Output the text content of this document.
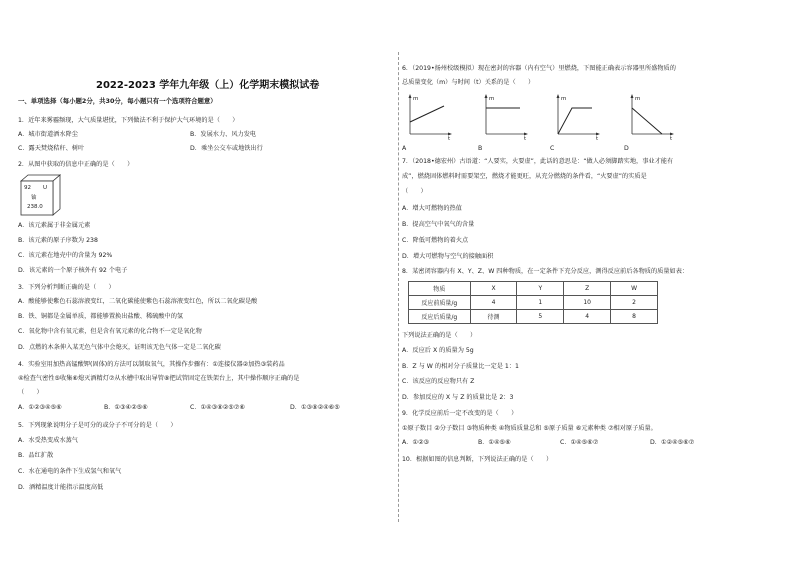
2022-2023 学年九年级（上）化学期末模拟试卷
一、单项选择（每小题2分，共30分，每小题只有一个选项符合题意）
1．近年来雾霾频现，大气质量堪忧，下列做法不利于保护大气环境的是（　　）
A．城市街道洒水降尘	B．发展水力、风力发电
C．露天焚烧秸秆、树叶	D．乘坐公交车或地铁出行
2．从图中获取的信息中正确的是（　　）
92 U
铀
238.0
A．该元素属于非金属元素
B．该元素的原子序数为 238
C．该元素在地壳中的含量为 92%
D．该元素的一个原子核外有 92 个电子
3．下列分析判断正确的是（　　）
A．酸能够使紫色石蕊溶液变红，二氧化碳能使紫色石蕊溶液变红色，所以二氧化碳是酸
B．铁、铜都是金属单质，都能够置换出盐酸、稀硫酸中的氢
C．氧化物中含有氧元素，但是含有氧元素的化合物不一定是氧化物
D．点燃的木条伸入某无色气体中会熄灭，证明该无色气体一定是二氧化碳
4．实验室用加热高锰酸钾(固体)的方法可以制取氧气，其操作步骤有：①连接仪器②加热③装药品
④检查气密性⑤收集⑥熄灭酒精灯⑦从水槽中取出导管⑧把试管固定在铁架台上，其中操作顺序正确的是
（　　）
A．①②③④⑤⑥	B．①③④②⑤⑥	C．①④③⑧②⑤⑦⑥	D．①③⑧②④⑥⑤
5．下列现象说明分子是可分的或分子不可分的是（　　）
A．水受热变成水蒸气
B．品红扩散
C．水在通电的条件下生成氢气和氧气
D．酒精温度计能指示温度高低
6．（2019•扬州校级模拟）现在密封的容器（内有空气）里燃烧，下图能正确表示容器里所盛物质的
总质量变化（m）与时间（t）关系的是（　　）
m
t
A
m
t
B
m
t
C
m
t
D
7．（2018•德宏州）古语道：“人要实，火要虚”，此话的意思是：“做人必须脚踏实地，事业才能有
成”，燃烧固体燃料时需要架空，燃烧才能更旺，从充分燃烧的条件看，“火要虚”的实质是
（　　）
A．增大可燃物的热值
B．提高空气中氧气的含量
C．降低可燃物的着火点
D．增大可燃物与空气的接触面积
8．某密闭容器内有 X、Y、Z、W 四种物质，在一定条件下充分反应，测得反应前后各物质的质量如表：
物质	X	Y	Z	W
反应前质量/g	4	1	10	2
反应后质量/g	待测	5	4	8
下列说法正确的是（　　）
A．反应后 X 的质量为 5g
B．Z 与 W 的相对分子质量比一定是 1：1
C．该反应的反应物只有 Z
D．参加反应的 X 与 Z 的质量比是 2：3
9．化学反应前后一定不改变的是（　　）
①原子数目 ②分子数目 ③物质种类 ④物质质量总和 ⑤原子质量 ⑥元素种类 ⑦相对原子质量。
A．①②③	B．①④⑤⑥	C．①④⑤⑥⑦	D．①②④⑤⑥⑦
10．根据如图的信息判断，下列说法正确的是（　　）
